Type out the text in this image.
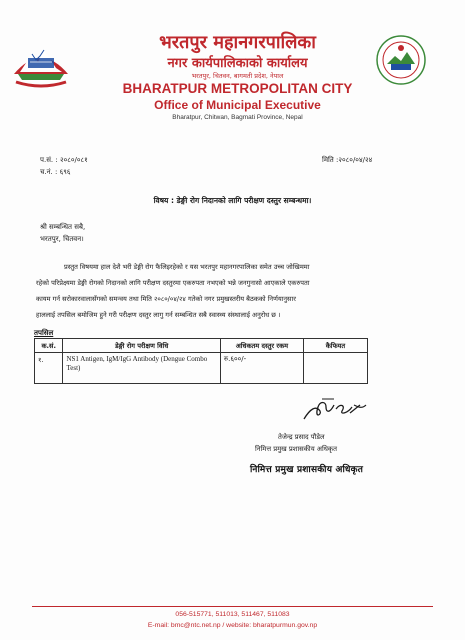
भरतपुर महानगरपालिका
नगर कार्यपालिकाको कार्यालय
भरतपुर, चितवन, बागमती प्रदेश, नेपाल
BHARATPUR METROPOLITAN CITY
Office of Municipal Executive
Bharatpur, Chitwan, Bagmati Province, Nepal
प.सं. : २०८०/०८१
च.नं. : ६९६
मिति :२०८०/०४/२४
विषय : डेङ्गी रोग निदानको लागि परीक्षण दस्तुर सम्बन्धमा।
श्री सम्बन्धित सबै,
भरतपुर, चितवन।
प्रस्तुत विषयमा हाल देशै भरी डेङ्गी रोग फैलिइरहेको र यस भरतपुर महानगरपालिका समेत उच्च जोखिममा
रहेको परिप्रेक्ष्यमा डेङ्गी रोगको निदानको लागि परीक्षण दस्तुरमा एकरुपता नभएको भन्ने जनगुनासो आएकाले एकरुपता
कायम गर्न सरोकारवालासँगको समन्वय तथा मिति २०८०/०४/२४ गतेको नगर प्रमुखस्तरीय बैठकको निर्णयानुसार
हाललाई तपसिल बमोजिम हुने गरी परीक्षण दस्तुर लागु गर्न सम्बन्धित सबै स्वास्थ्य संस्थालाई अनुरोध छ ।
तपसिल
क.सं.	डेङ्गी रोग परीक्षण विधि	अधिकतम दस्तुर रकम	कैफियत
१.	NS1 Antigen, IgM/IgG Antibody (Dengue Combo Test)	रु.६००/-	
तेजेन्द्र प्रसाद पौडेल
निमित्त प्रमुख प्रशासकीय अधिकृत
निमित्त प्रमुख प्रशासकीय अधिकृत
056-515771, 511013, 511467, 511083
E-mail: bmc@ntc.net.np / website: bharatpurmun.gov.np
